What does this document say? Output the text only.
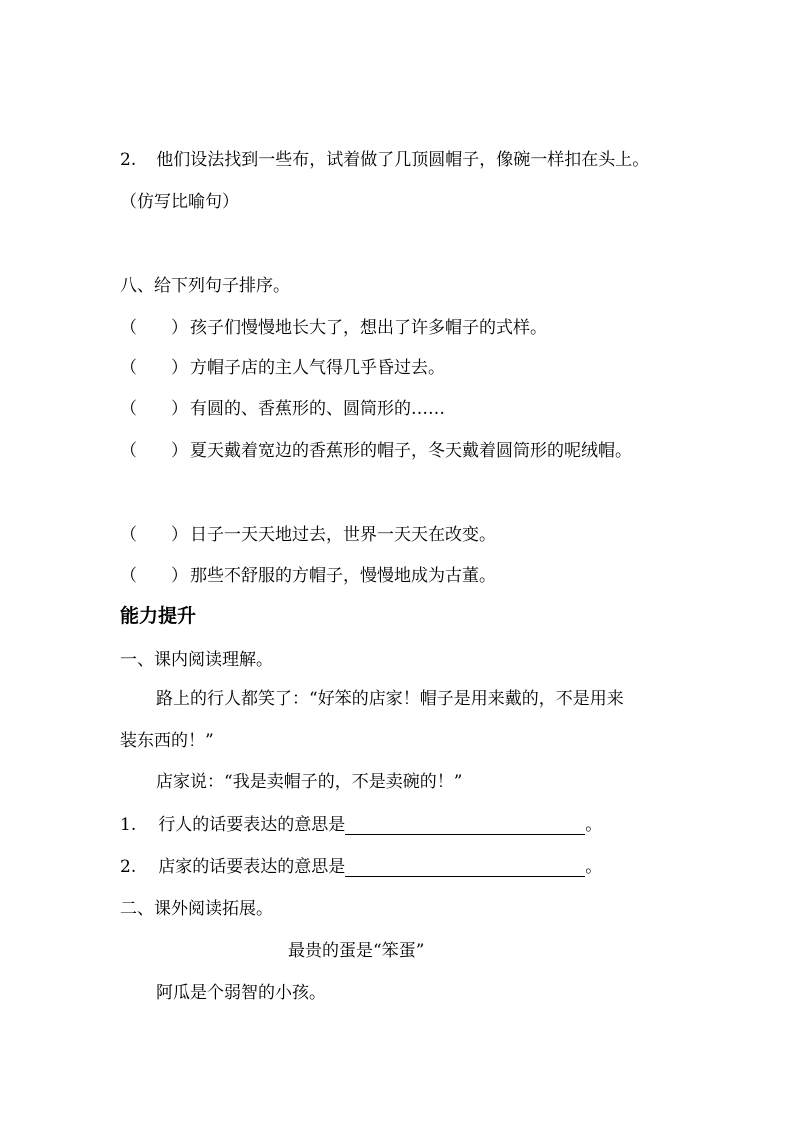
2. 他们设法找到一些布，试着做了几顶圆帽子，像碗一样扣在头上。
（仿写比喻句）
八、给下列句子排序。
（　　） 孩子们慢慢地长大了，想出了许多帽子的式样。
（　　） 方帽子店的主人气得几乎昏过去。
（　　） 有圆的、香蕉形的、圆筒形的……
（　　） 夏天戴着宽边的香蕉形的帽子，冬天戴着圆筒形的呢绒帽。
（　　） 日子一天天地过去，世界一天天在改变。
（　　） 那些不舒服的方帽子，慢慢地成为古董。
能力提升
一、课内阅读理解。
路上的行人都笑了：“好笨的店家！帽子是用来戴的，不是用来
装东西的！”
店家说：“我是卖帽子的，不是卖碗的！”
1. 行人的话要表达的意思是	。
2. 店家的话要表达的意思是	。
二、课外阅读拓展。
最贵的蛋是“笨蛋”
阿瓜是个弱智的小孩。
